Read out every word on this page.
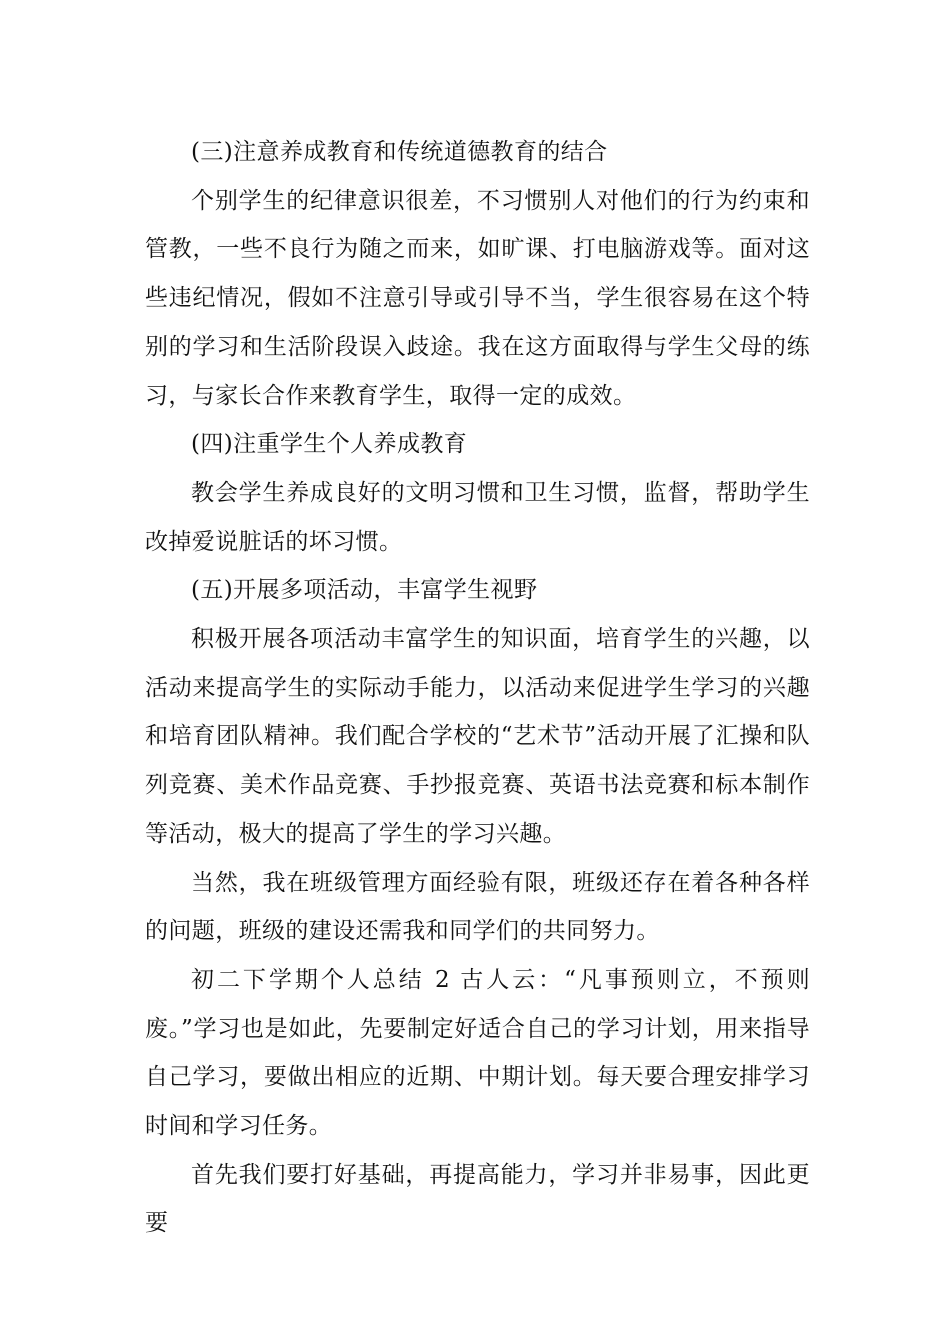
(三)注意养成教育和传统道德教育的结合

个别学生的纪律意识很差，不习惯别人对他们的行为约束和管教，一些不良行为随之而来，如旷课、打电脑游戏等。面对这些违纪情况，假如不注意引导或引导不当，学生很容易在这个特别的学习和生活阶段误入歧途。我在这方面取得与学生父母的练习，与家长合作来教育学生，取得一定的成效。

(四)注重学生个人养成教育

教会学生养成良好的文明习惯和卫生习惯，监督，帮助学生改掉爱说脏话的坏习惯。

(五)开展多项活动，丰富学生视野

积极开展各项活动丰富学生的知识面，培育学生的兴趣，以活动来提高学生的实际动手能力，以活动来促进学生学习的兴趣和培育团队精神。我们配合学校的“艺术节”活动开展了汇操和队列竞赛、美术作品竞赛、手抄报竞赛、英语书法竞赛和标本制作等活动，极大的提高了学生的学习兴趣。

当然，我在班级管理方面经验有限，班级还存在着各种各样的问题，班级的建设还需我和同学们的共同努力。

初二下学期个人总结 2 古人云：“凡事预则立，不预则废。”学习也是如此，先要制定好适合自己的学习计划，用来指导自己学习，要做出相应的近期、中期计划。每天要合理安排学习时间和学习任务。

首先我们要打好基础，再提高能力，学习并非易事，因此更要
